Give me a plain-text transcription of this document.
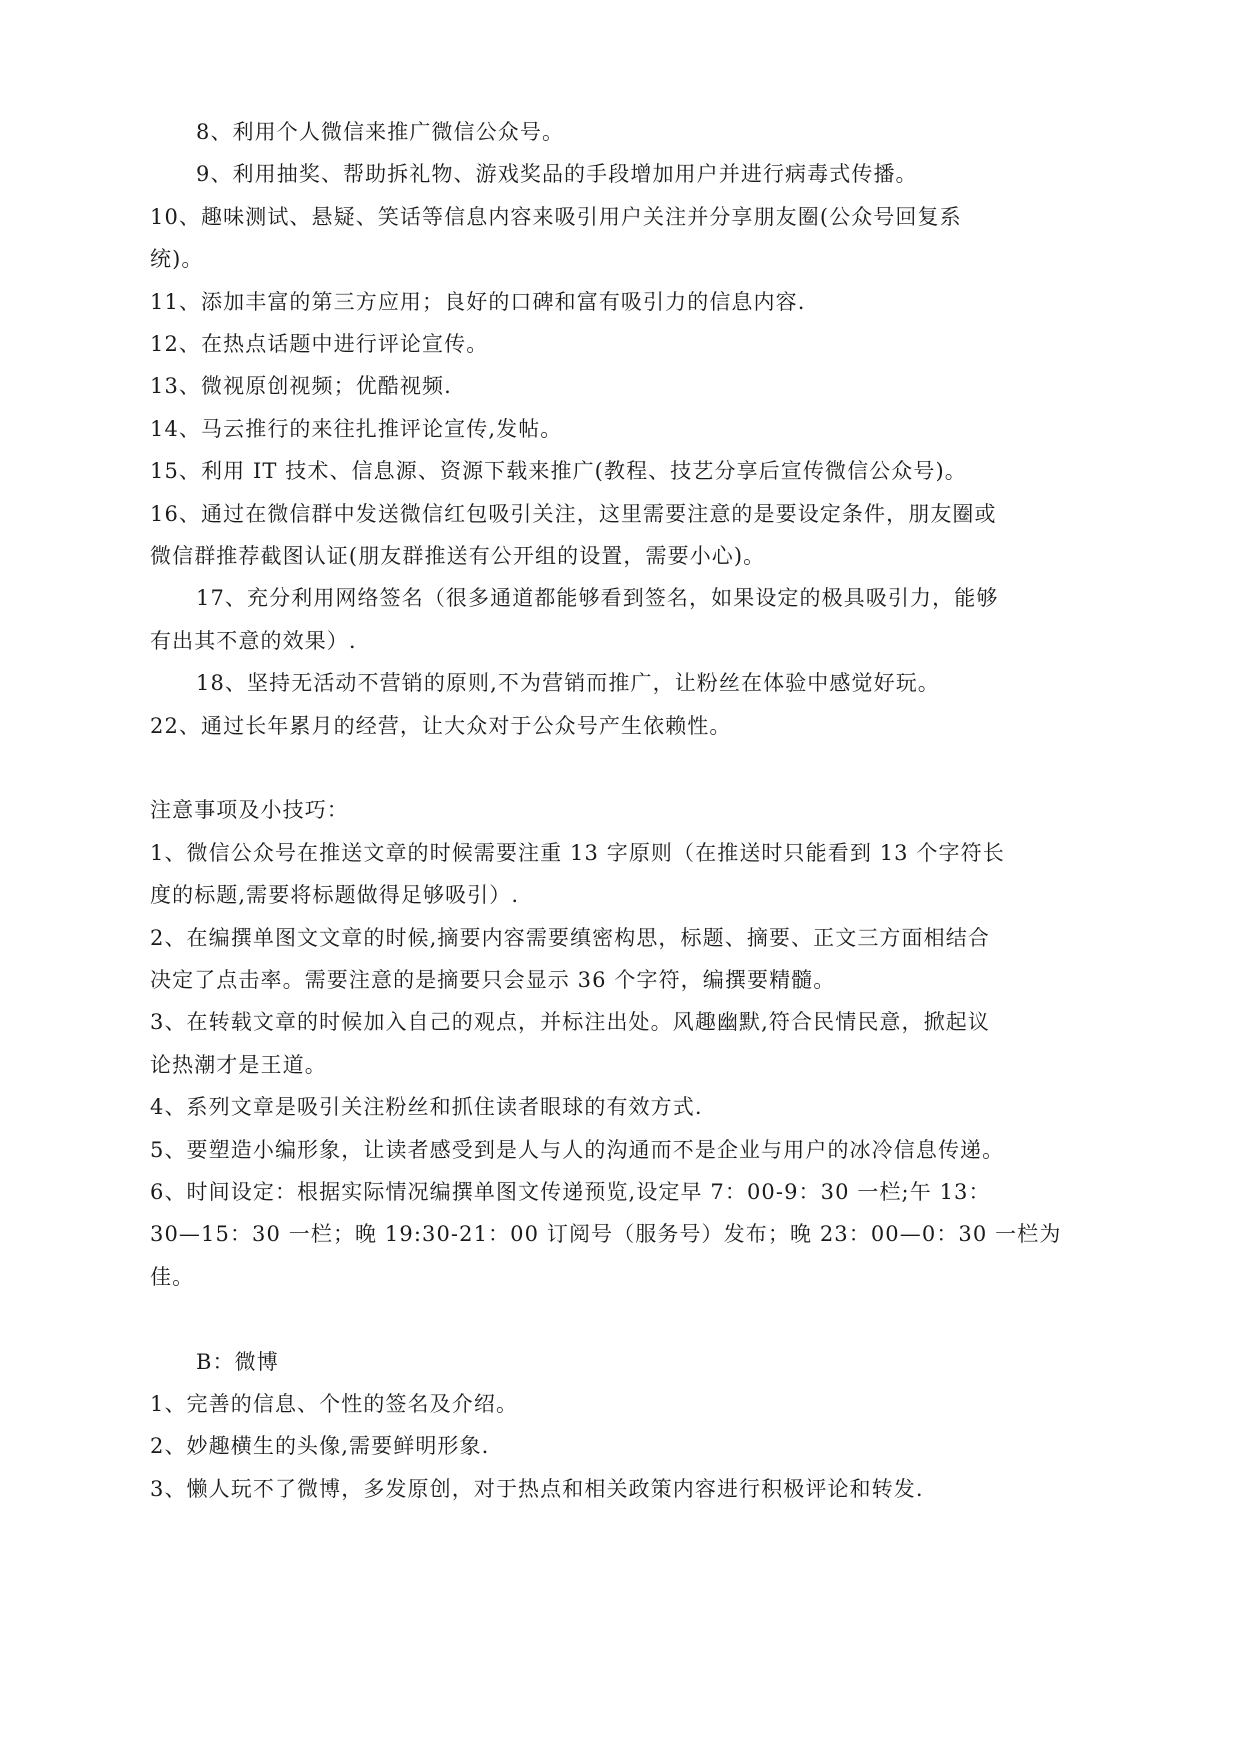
8、利用个人微信来推广微信公众号。
9、利用抽奖、帮助拆礼物、游戏奖品的手段增加用户并进行病毒式传播。
10、趣味测试、悬疑、笑话等信息内容来吸引用户关注并分享朋友圈(公众号回复系
统)。
11、添加丰富的第三方应用；良好的口碑和富有吸引力的信息内容.
12、在热点话题中进行评论宣传。
13、微视原创视频；优酷视频.
14、马云推行的来往扎推评论宣传,发帖。
15、利用 IT 技术、信息源、资源下载来推广(教程、技艺分享后宣传微信公众号)。
16、通过在微信群中发送微信红包吸引关注，这里需要注意的是要设定条件，朋友圈或
微信群推荐截图认证(朋友群推送有公开组的设置，需要小心)。
17、充分利用网络签名（很多通道都能够看到签名，如果设定的极具吸引力，能够
有出其不意的效果）.
18、坚持无活动不营销的原则,不为营销而推广，让粉丝在体验中感觉好玩。
22、通过长年累月的经营，让大众对于公众号产生依赖性。
注意事项及小技巧：
1、微信公众号在推送文章的时候需要注重 13 字原则（在推送时只能看到 13 个字符长
度的标题,需要将标题做得足够吸引）.
2、在编撰单图文文章的时候,摘要内容需要缜密构思，标题、摘要、正文三方面相结合
决定了点击率。需要注意的是摘要只会显示 36 个字符，编撰要精髓。
3、在转载文章的时候加入自己的观点，并标注出处。风趣幽默,符合民情民意，掀起议
论热潮才是王道。
4、系列文章是吸引关注粉丝和抓住读者眼球的有效方式.
5、要塑造小编形象，让读者感受到是人与人的沟通而不是企业与用户的冰冷信息传递。
6、时间设定：根据实际情况编撰单图文传递预览,设定早 7：00-9：30 一栏;午 13：
30—15：30 一栏；晚 19:30-21：00 订阅号（服务号）发布；晚 23：00—0：30 一栏为
佳。
B：微博
1、完善的信息、个性的签名及介绍。
2、妙趣横生的头像,需要鲜明形象.
3、懒人玩不了微博，多发原创，对于热点和相关政策内容进行积极评论和转发.
